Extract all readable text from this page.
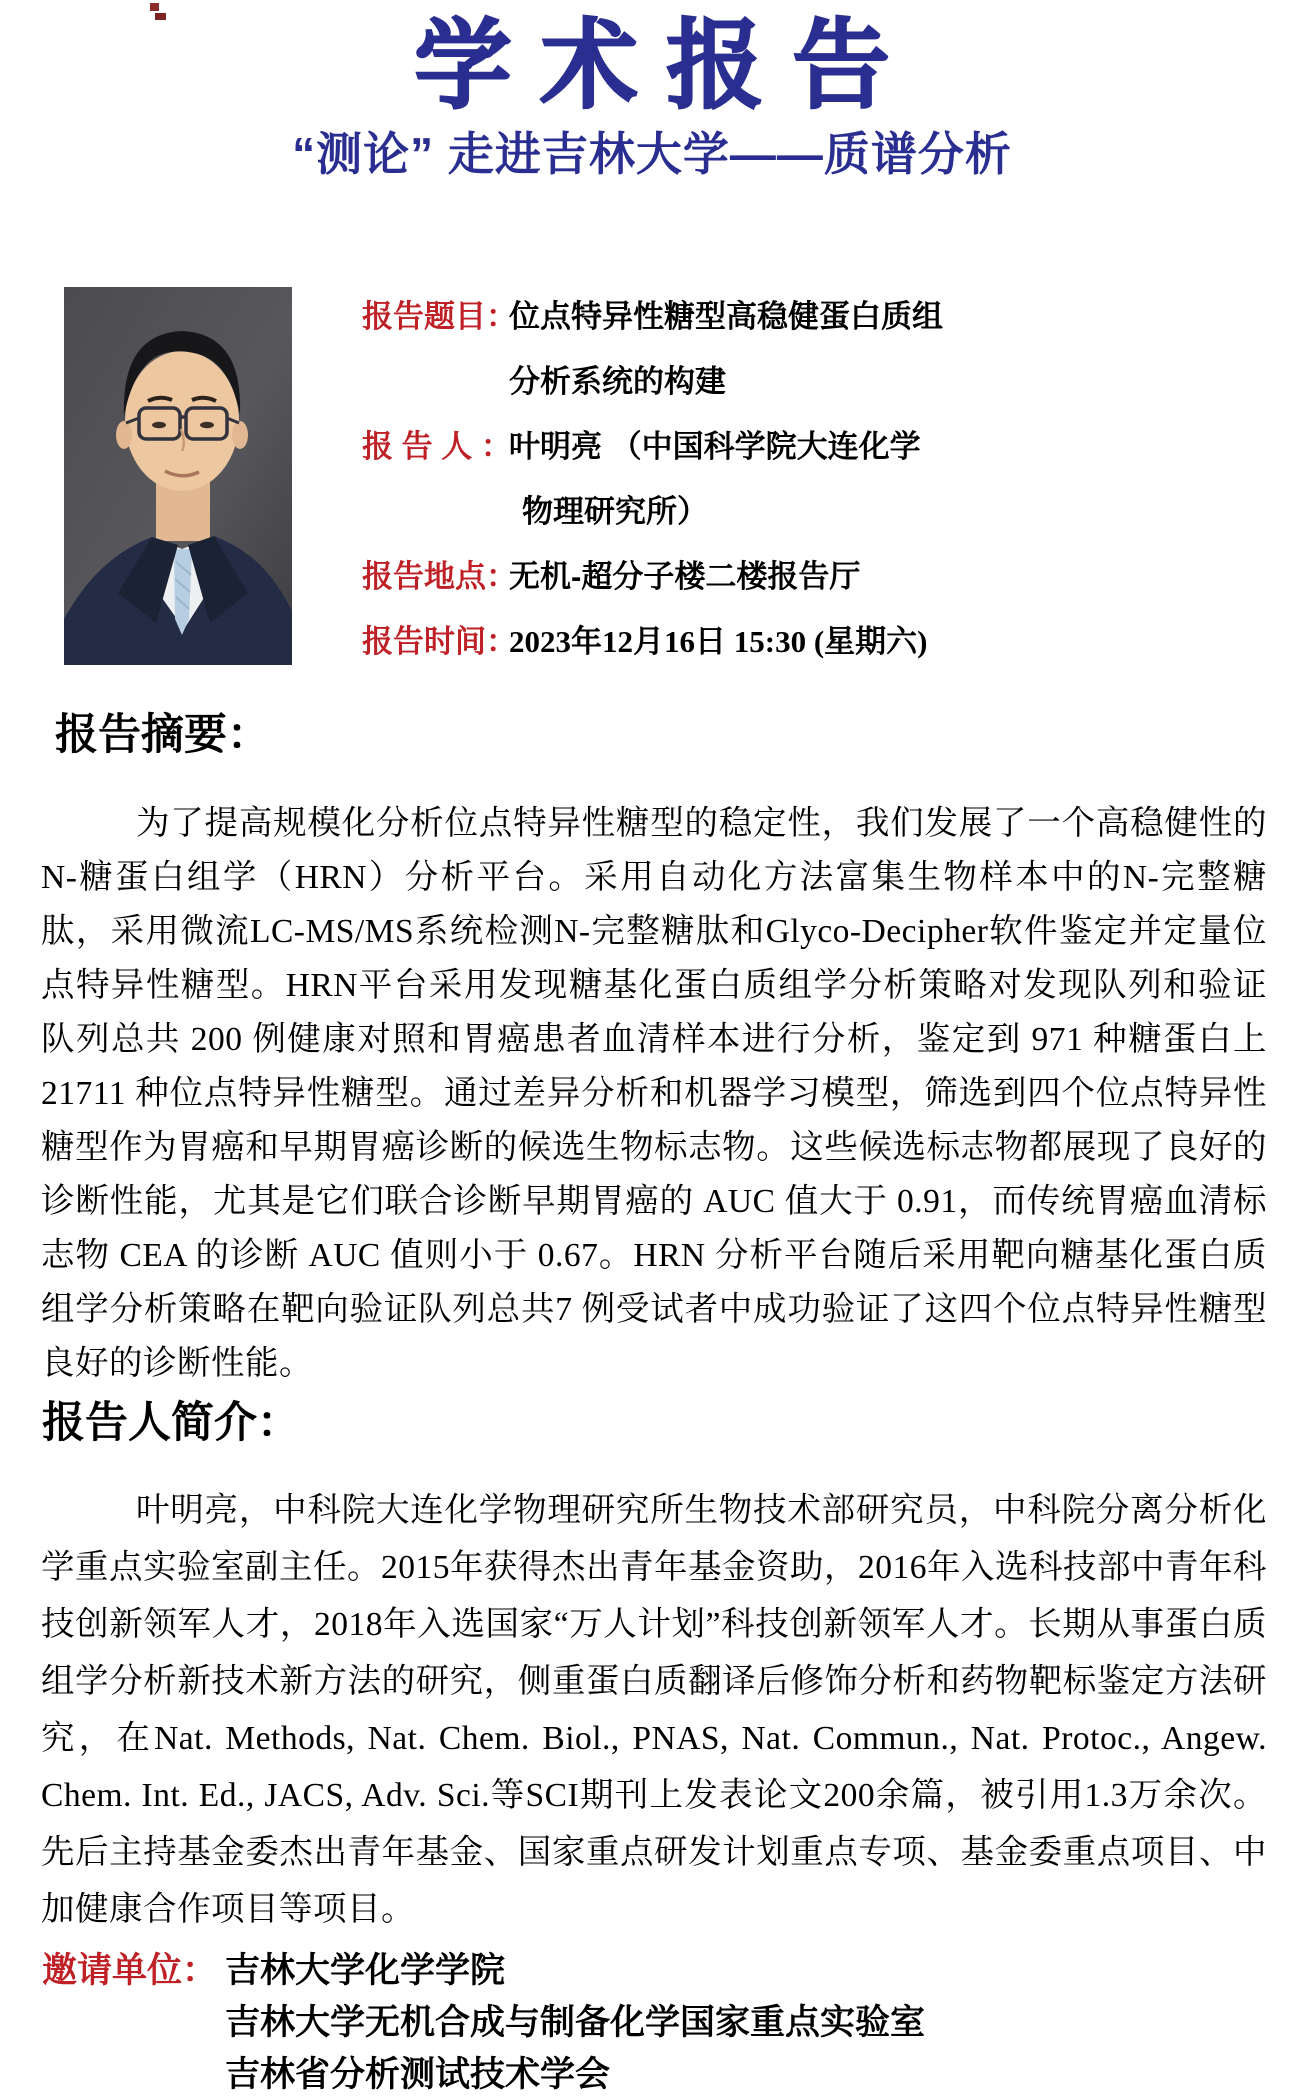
学术报告
“测论” 走进吉林大学——质谱分析
报告题目：
位点特异性糖型高稳健蛋白质组
分析系统的构建
报 告 人 ：
叶明亮 （中国科学院大连化学
物理研究所）
报告地点：
无机-超分子楼二楼报告厅
报告时间：
2023年12月16日 15:30 (星期六)
报告摘要：

为了提高规模化分析位点特异性糖型的稳定性，我们发展了一个高稳健性的N-糖蛋白组学（HRN）分析平台。采用自动化方法富集生物样本中的N-完整糖肽，采用微流LC-MS/MS系统检测N-完整糖肽和Glyco-Decipher软件鉴定并定量位点特异性糖型。HRN平台采用发现糖基化蛋白质组学分析策略对发现队列和验证队列总共 200 例健康对照和胃癌患者血清样本进行分析，鉴定到 971 种糖蛋白上 21711 种位点特异性糖型。通过差异分析和机器学习模型，筛选到四个位点特异性糖型作为胃癌和早期胃癌诊断的候选生物标志物。这些候选标志物都展现了良好的诊断性能，尤其是它们联合诊断早期胃癌的 AUC 值大于 0.91，而传统胃癌血清标志物 CEA 的诊断 AUC 值则小于 0.67。HRN 分析平台随后采用靶向糖基化蛋白质组学分析策略在靶向验证队列总共7 例受试者中成功验证了这四个位点特异性糖型良好的诊断性能。

报告人简介：

叶明亮，中科院大连化学物理研究所生物技术部研究员，中科院分离分析化学重点实验室副主任。2015年获得杰出青年基金资助，2016年入选科技部中青年科技创新领军人才，2018年入选国家“万人计划”科技创新领军人才。长期从事蛋白质组学分析新技术新方法的研究，侧重蛋白质翻译后修饰分析和药物靶标鉴定方法研究，在Nat. Methods, Nat. Chem. Biol., PNAS, Nat. Commun., Nat. Protoc., Angew. Chem. Int. Ed., JACS, Adv. Sci.等SCI期刊上发表论文200余篇，被引用1.3万余次。先后主持基金委杰出青年基金、国家重点研发计划重点专项、基金委重点项目、中加健康合作项目等项目。

邀请单位： 吉林大学化学学院
吉林大学无机合成与制备化学国家重点实验室
吉林省分析测试技术学会
